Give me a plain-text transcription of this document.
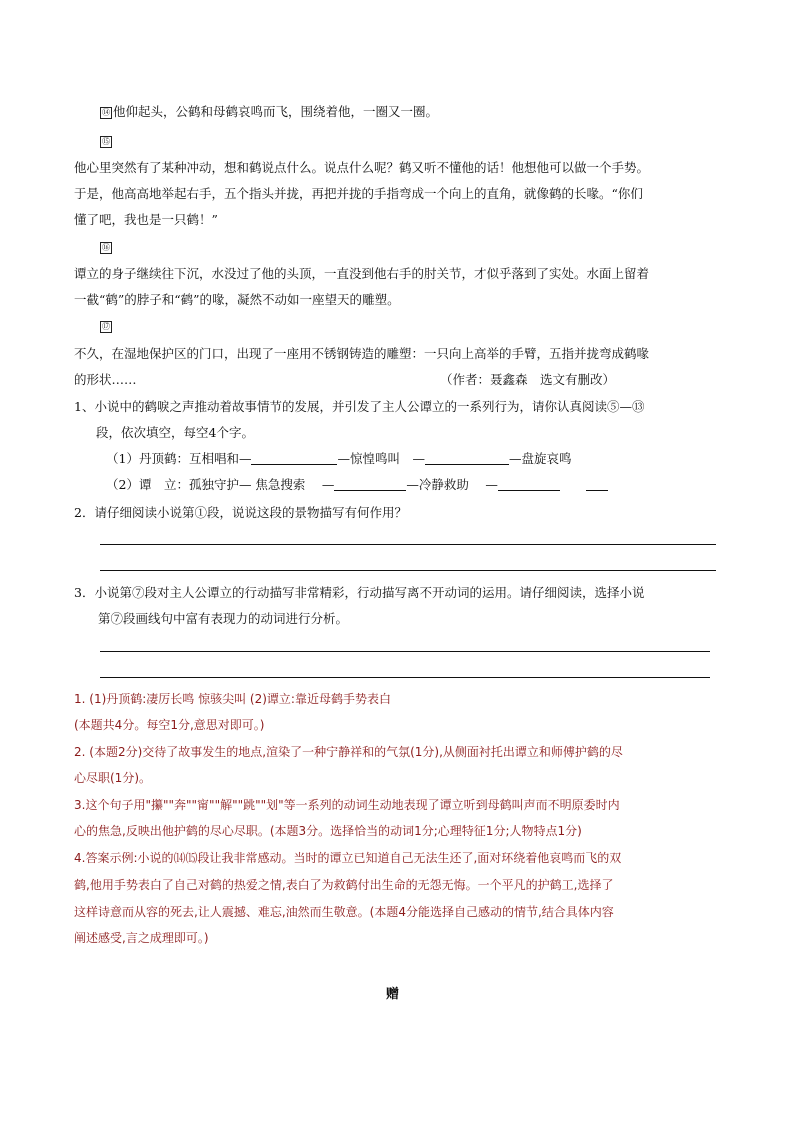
⑭ 他仰起头，公鹤和母鹤哀鸣而飞，围绕着他，一圈又一圈。
⑮
他心里突然有了某种冲动，想和鹤说点什么。说点什么呢？鹤又听不懂他的话！他想他可以做一个手势。
于是，他高高地举起右手，五个指头并拢，再把并拢的手指弯成一个向上的直角，就像鹤的长喙。“你们
懂了吧，我也是一只鹤！”
⑯
谭立的身子继续往下沉，水没过了他的头顶，一直没到他右手的肘关节，才似乎落到了实处。水面上留着
一截“鹤”的脖子和“鹤”的喙，凝然不动如一座望天的雕塑。
⑰
不久，在湿地保护区的门口，出现了一座用不锈钢铸造的雕塑：一只向上高举的手臂，五指并拢弯成鹤喙
的形状……	（作者：聂鑫森　选文有删改）
1、小说中的鹤唳之声推动着故事情节的发展，并引发了主人公谭立的一系列行为，请你认真阅读⑤—⑬
段，依次填空，每空4个字。
（1）丹顶鹤：互相唱和—	—惊惶鸣叫　—	—盘旋哀鸣
（2）谭　立：孤独守护— 焦急搜索　 —	—冷静救助　 —
2．请仔细阅读小说第①段，说说这段的景物描写有何作用？
3．小说第⑦段对主人公谭立的行动描写非常精彩，行动描写离不开动词的运用。请仔细阅读，选择小说
第⑦段画线句中富有表现力的动词进行分析。
1. (1)丹顶鹤:凄厉长鸣 惊骇尖叫 (2)谭立:靠近母鹤手势表白
(本题共4分。每空1分,意思对即可。)
2. (本题2分)交待了故事发生的地点,渲染了一种宁静祥和的气氛(1分),从侧面衬托出谭立和师傅护鹤的尽
心尽职(1分)。
3.这个句子用"攥""奔""甯""解""跳""划"等一系列的动词生动地表现了谭立听到母鹤叫声而不明原委时内
心的焦急,反映出他护鹤的尽心尽职。(本题3分。选择恰当的动词1分;心理特征1分;人物特点1分)
4.答案示例:小说的⒁⒂段让我非常感动。当时的谭立已知道自己无法生还了,面对环绕着他哀鸣而飞的双
鹤,他用手势表白了自己对鹤的热爱之情,表白了为救鹤付出生命的无怨无悔。一个平凡的护鹤工,选择了
这样诗意而从容的死去,让人震撼、难忘,油然而生敬意。(本题4分能选择自己感动的情节,结合具体内容
阐述感受,言之成理即可。)
赠
